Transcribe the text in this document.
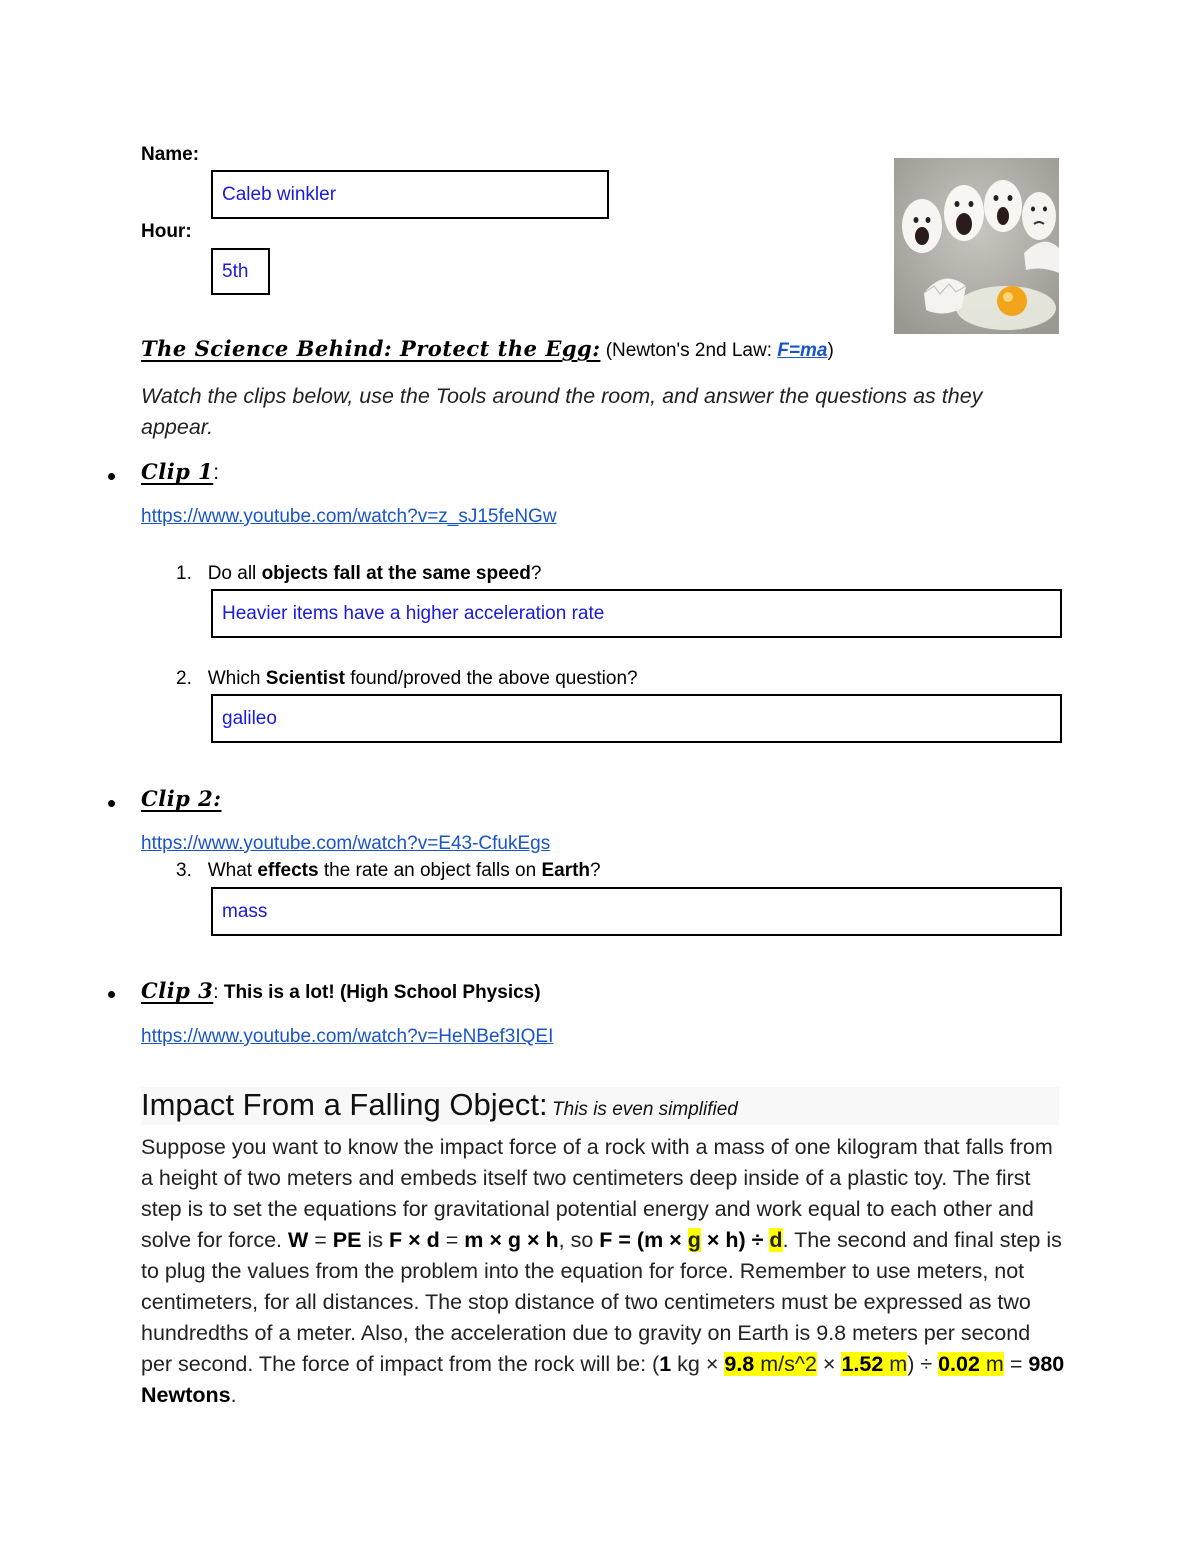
Name:
Caleb winkler
Hour:
5th
The Science Behind: Protect the Egg: (Newton's 2nd Law: F=ma)
Watch the clips below, use the Tools around the room, and answer the questions as they appear.
Clip 1:
https://www.youtube.com/watch?v=z_sJ15feNGw
1. Do all objects fall at the same speed?
Heavier items have a higher acceleration rate
2. Which Scientist found/proved the above question?
galileo
Clip 2:
https://www.youtube.com/watch?v=E43-CfukEgs
3. What effects the rate an object falls on Earth?
mass
Clip 3: This is a lot! (High School Physics)
https://www.youtube.com/watch?v=HeNBef3IQEI
Impact From a Falling Object: This is even simplified
Suppose you want to know the impact force of a rock with a mass of one kilogram that falls from a height of two meters and embeds itself two centimeters deep inside of a plastic toy. The first step is to set the equations for gravitational potential energy and work equal to each other and solve for force. W = PE is F × d = m × g × h, so F = (m × g × h) ÷ d. The second and final step is to plug the values from the problem into the equation for force. Remember to use meters, not centimeters, for all distances. The stop distance of two centimeters must be expressed as two hundredths of a meter. Also, the acceleration due to gravity on Earth is 9.8 meters per second per second. The force of impact from the rock will be: (1 kg × 9.8 m/s^2 × 1.52 m) ÷ 0.02 m = 980 Newtons.
